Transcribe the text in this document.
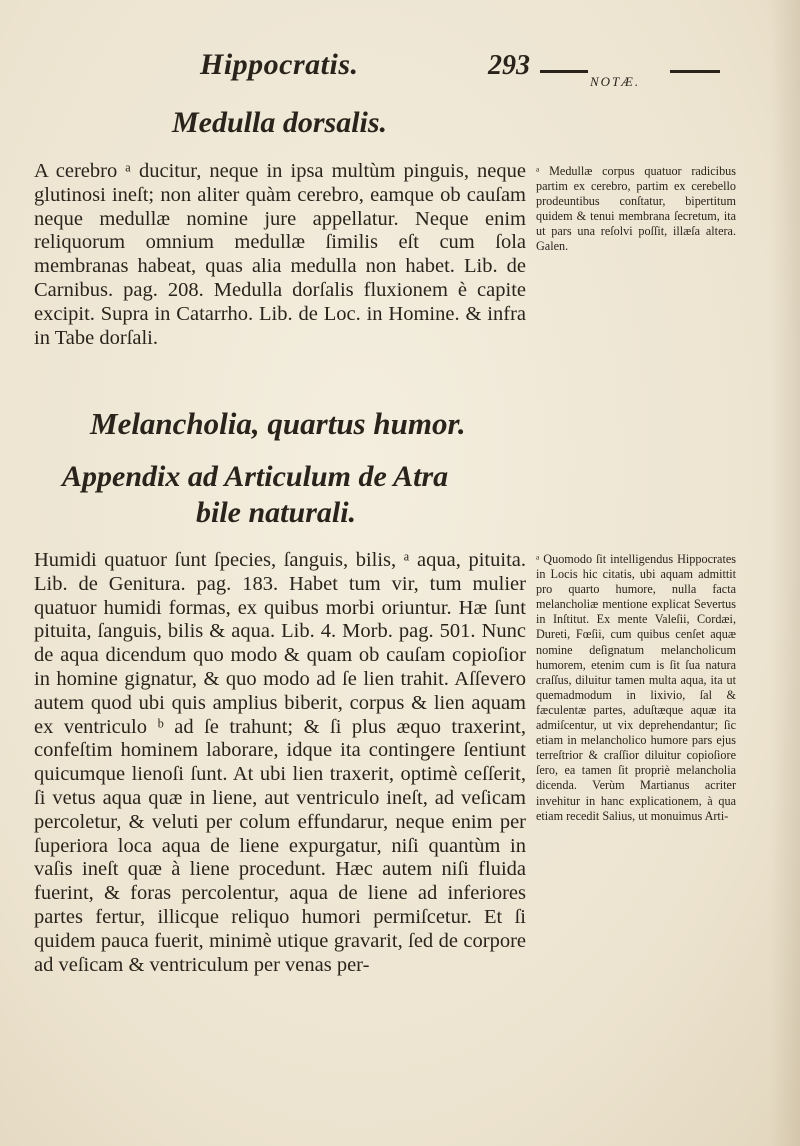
Hippocratis.	293
NOTÆ.
Medulla dorsalis.

A cerebro ᵃ ducitur, neque in ipsa multùm pinguis, neque glutinosi ineſt; non aliter quàm cerebro, eamque ob cauſam neque medullæ nomine jure appellatur. Neque enim reliquorum omnium medullæ ſimilis eſt cum ſola membranas habeat, quas alia medulla non habet. Lib. de Carnibus. pag. 208. Medulla dorſalis fluxionem è capite excipit. Supra in Catarrho. Lib. de Loc. in Homine. & infra in Tabe dorſali.

ᵃ Medullæ corpus quatuor radicibus partim ex cerebro, partim ex cerebello prodeuntibus conſtatur, bipertitum quidem & tenui membrana ſecretum, ita ut pars una reſolvi poſſit, illæſa altera. Galen.

Melancholia, quartus humor.
Appendix ad Articulum de Atra
bile naturali.

Humidi quatuor ſunt ſpecies, ſanguis, bilis, ᵃ aqua, pituita. Lib. de Genitura. pag. 183. Habet tum vir, tum mulier quatuor humidi formas, ex quibus morbi oriuntur. Hæ ſunt pituita, ſanguis, bilis & aqua. Lib. 4. Morb. pag. 501. Nunc de aqua dicendum quo modo & quam ob cauſam copioſior in homine gignatur, & quo modo ad ſe lien trahit. Aſſevero autem quod ubi quis amplius biberit, corpus & lien aquam ex ventriculo ᵇ ad ſe trahunt; & ſi plus æquo traxerint, confeſtim hominem laborare, idque ita contingere ſentiunt quicumque lienoſi ſunt. At ubi lien traxerit, optimè ceſſerit, ſi vetus aqua quæ in liene, aut ventriculo ineſt, ad veſicam percoletur, & veluti per colum effundarur, neque enim per ſuperiora loca aqua de liene expurgatur, niſi quantùm in vaſis ineſt quæ à liene procedunt. Hæc autem niſi fluida fuerint, & foras percolentur, aqua de liene ad inferiores partes fertur, illicque reliquo humori permiſcetur. Et ſi quidem pauca fuerit, minimè utique gravarit, ſed de corpore ad veſicam & ventriculum per venas per-

ᵃ Quomodo ſit intelligendus Hippocrates in Locis hic citatis, ubi aquam admittit pro quarto humore, nulla facta melancholiæ mentione explicat Severtus in Inſtitut. Ex mente Valeſii, Cordæi, Dureti, Fœſii, cum quibus cenſet aquæ nomine deſignatum melancholicum humorem, etenim cum is ſit ſua natura craſſus, diluitur tamen multa aqua, ita ut quemadmodum in lixivio, ſal & fæculentæ partes, aduſtæque aquæ ita admiſcentur, ut vix deprehendantur; ſic etiam in melancholico humore pars ejus terreſtrior & craſſior diluitur copioſiore ſero, ea tamen ſit propriè melancholia dicenda. Verùm Martianus acriter invehitur in hanc explicationem, à qua etiam recedit Salius, ut monuimus Arti-
